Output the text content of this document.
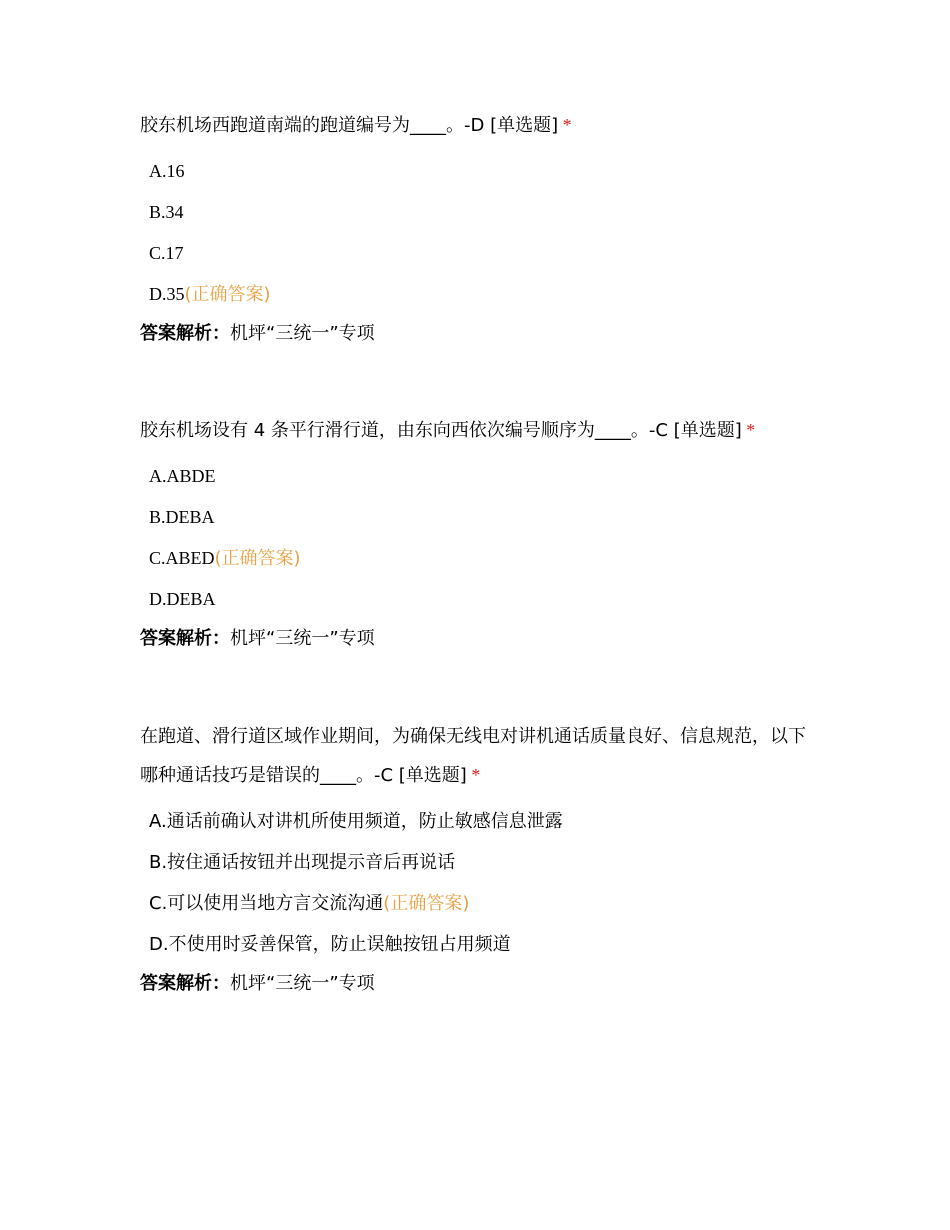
胶东机场西跑道南端的跑道编号为____。-D [单选题] *

A.16
B.34
C.17
D.35(正确答案)
答案解析：机坪“三统一”专项

胶东机场设有 4 条平行滑行道，由东向西依次编号顺序为____。-C [单选题] *

A.ABDE
B.DEBA
C.ABED(正确答案)
D.DEBA
答案解析：机坪“三统一”专项

在跑道、滑行道区域作业期间，为确保无线电对讲机通话质量良好、信息规范，以下哪种通话技巧是错误的____。-C [单选题] *

A.通话前确认对讲机所使用频道，防止敏感信息泄露
B.按住通话按钮并出现提示音后再说话
C.可以使用当地方言交流沟通(正确答案)
D.不使用时妥善保管，防止误触按钮占用频道
答案解析：机坪“三统一”专项
